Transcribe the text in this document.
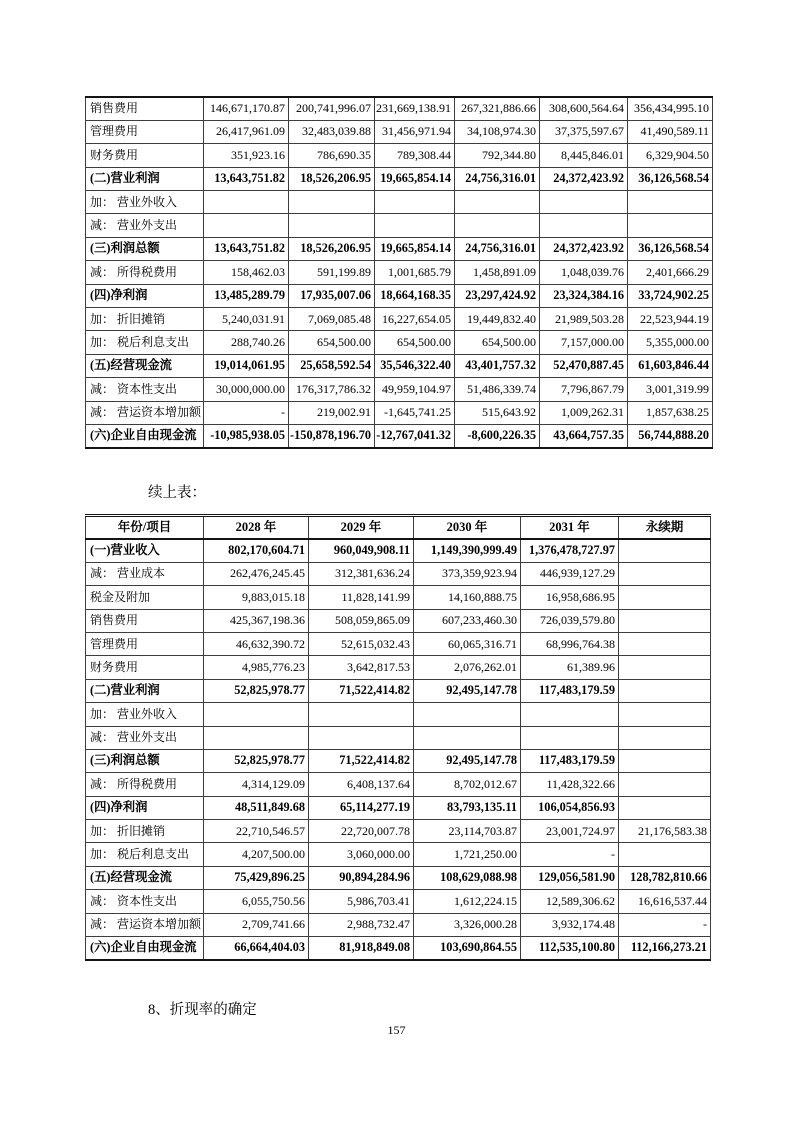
销售费用	146,671,170.87	200,741,996.07	231,669,138.91	267,321,886.66	308,600,564.64	356,434,995.10
管理费用	26,417,961.09	32,483,039.88	31,456,971.94	34,108,974.30	37,375,597.67	41,490,589.11
财务费用	351,923.16	786,690.35	789,308.44	792,344.80	8,445,846.01	6,329,904.50
(二)营业利润	13,643,751.82	18,526,206.95	19,665,854.14	24,756,316.01	24,372,423.92	36,126,568.54
加： 营业外收入						
减： 营业外支出						
(三)利润总额	13,643,751.82	18,526,206.95	19,665,854.14	24,756,316.01	24,372,423.92	36,126,568.54
减： 所得税费用	158,462.03	591,199.89	1,001,685.79	1,458,891.09	1,048,039.76	2,401,666.29
(四)净利润	13,485,289.79	17,935,007.06	18,664,168.35	23,297,424.92	23,324,384.16	33,724,902.25
加： 折旧摊销	5,240,031.91	7,069,085.48	16,227,654.05	19,449,832.40	21,989,503.28	22,523,944.19
加： 税后利息支出	288,740.26	654,500.00	654,500.00	654,500.00	7,157,000.00	5,355,000.00
(五)经营现金流	19,014,061.95	25,658,592.54	35,546,322.40	43,401,757.32	52,470,887.45	61,603,846.44
减： 资本性支出	30,000,000.00	176,317,786.32	49,959,104.97	51,486,339.74	7,796,867.79	3,001,319.99
减： 营运资本增加额	-	219,002.91	-1,645,741.25	515,643.92	1,009,262.31	1,857,638.25
(六)企业自由现金流	-10,985,938.05	-150,878,196.70	-12,767,041.32	-8,600,226.35	43,664,757.35	56,744,888.20
续上表：
年份/项目	2028 年	2029 年	2030 年	2031 年	永续期
(一)营业收入	802,170,604.71	960,049,908.11	1,149,390,999.49	1,376,478,727.97	
减： 营业成本	262,476,245.45	312,381,636.24	373,359,923.94	446,939,127.29	
税金及附加	9,883,015.18	11,828,141.99	14,160,888.75	16,958,686.95	
销售费用	425,367,198.36	508,059,865.09	607,233,460.30	726,039,579.80	
管理费用	46,632,390.72	52,615,032.43	60,065,316.71	68,996,764.38	
财务费用	4,985,776.23	3,642,817.53	2,076,262.01	61,389.96	
(二)营业利润	52,825,978.77	71,522,414.82	92,495,147.78	117,483,179.59	
加： 营业外收入					
减： 营业外支出					
(三)利润总额	52,825,978.77	71,522,414.82	92,495,147.78	117,483,179.59	
减： 所得税费用	4,314,129.09	6,408,137.64	8,702,012.67	11,428,322.66	
(四)净利润	48,511,849.68	65,114,277.19	83,793,135.11	106,054,856.93	
加： 折旧摊销	22,710,546.57	22,720,007.78	23,114,703.87	23,001,724.97	21,176,583.38
加： 税后利息支出	4,207,500.00	3,060,000.00	1,721,250.00	-	
(五)经营现金流	75,429,896.25	90,894,284.96	108,629,088.98	129,056,581.90	128,782,810.66
减： 资本性支出	6,055,750.56	5,986,703.41	1,612,224.15	12,589,306.62	16,616,537.44
减： 营运资本增加额	2,709,741.66	2,988,732.47	3,326,000.28	3,932,174.48	-
(六)企业自由现金流	66,664,404.03	81,918,849.08	103,690,864.55	112,535,100.80	112,166,273.21
8、折现率的确定
157
